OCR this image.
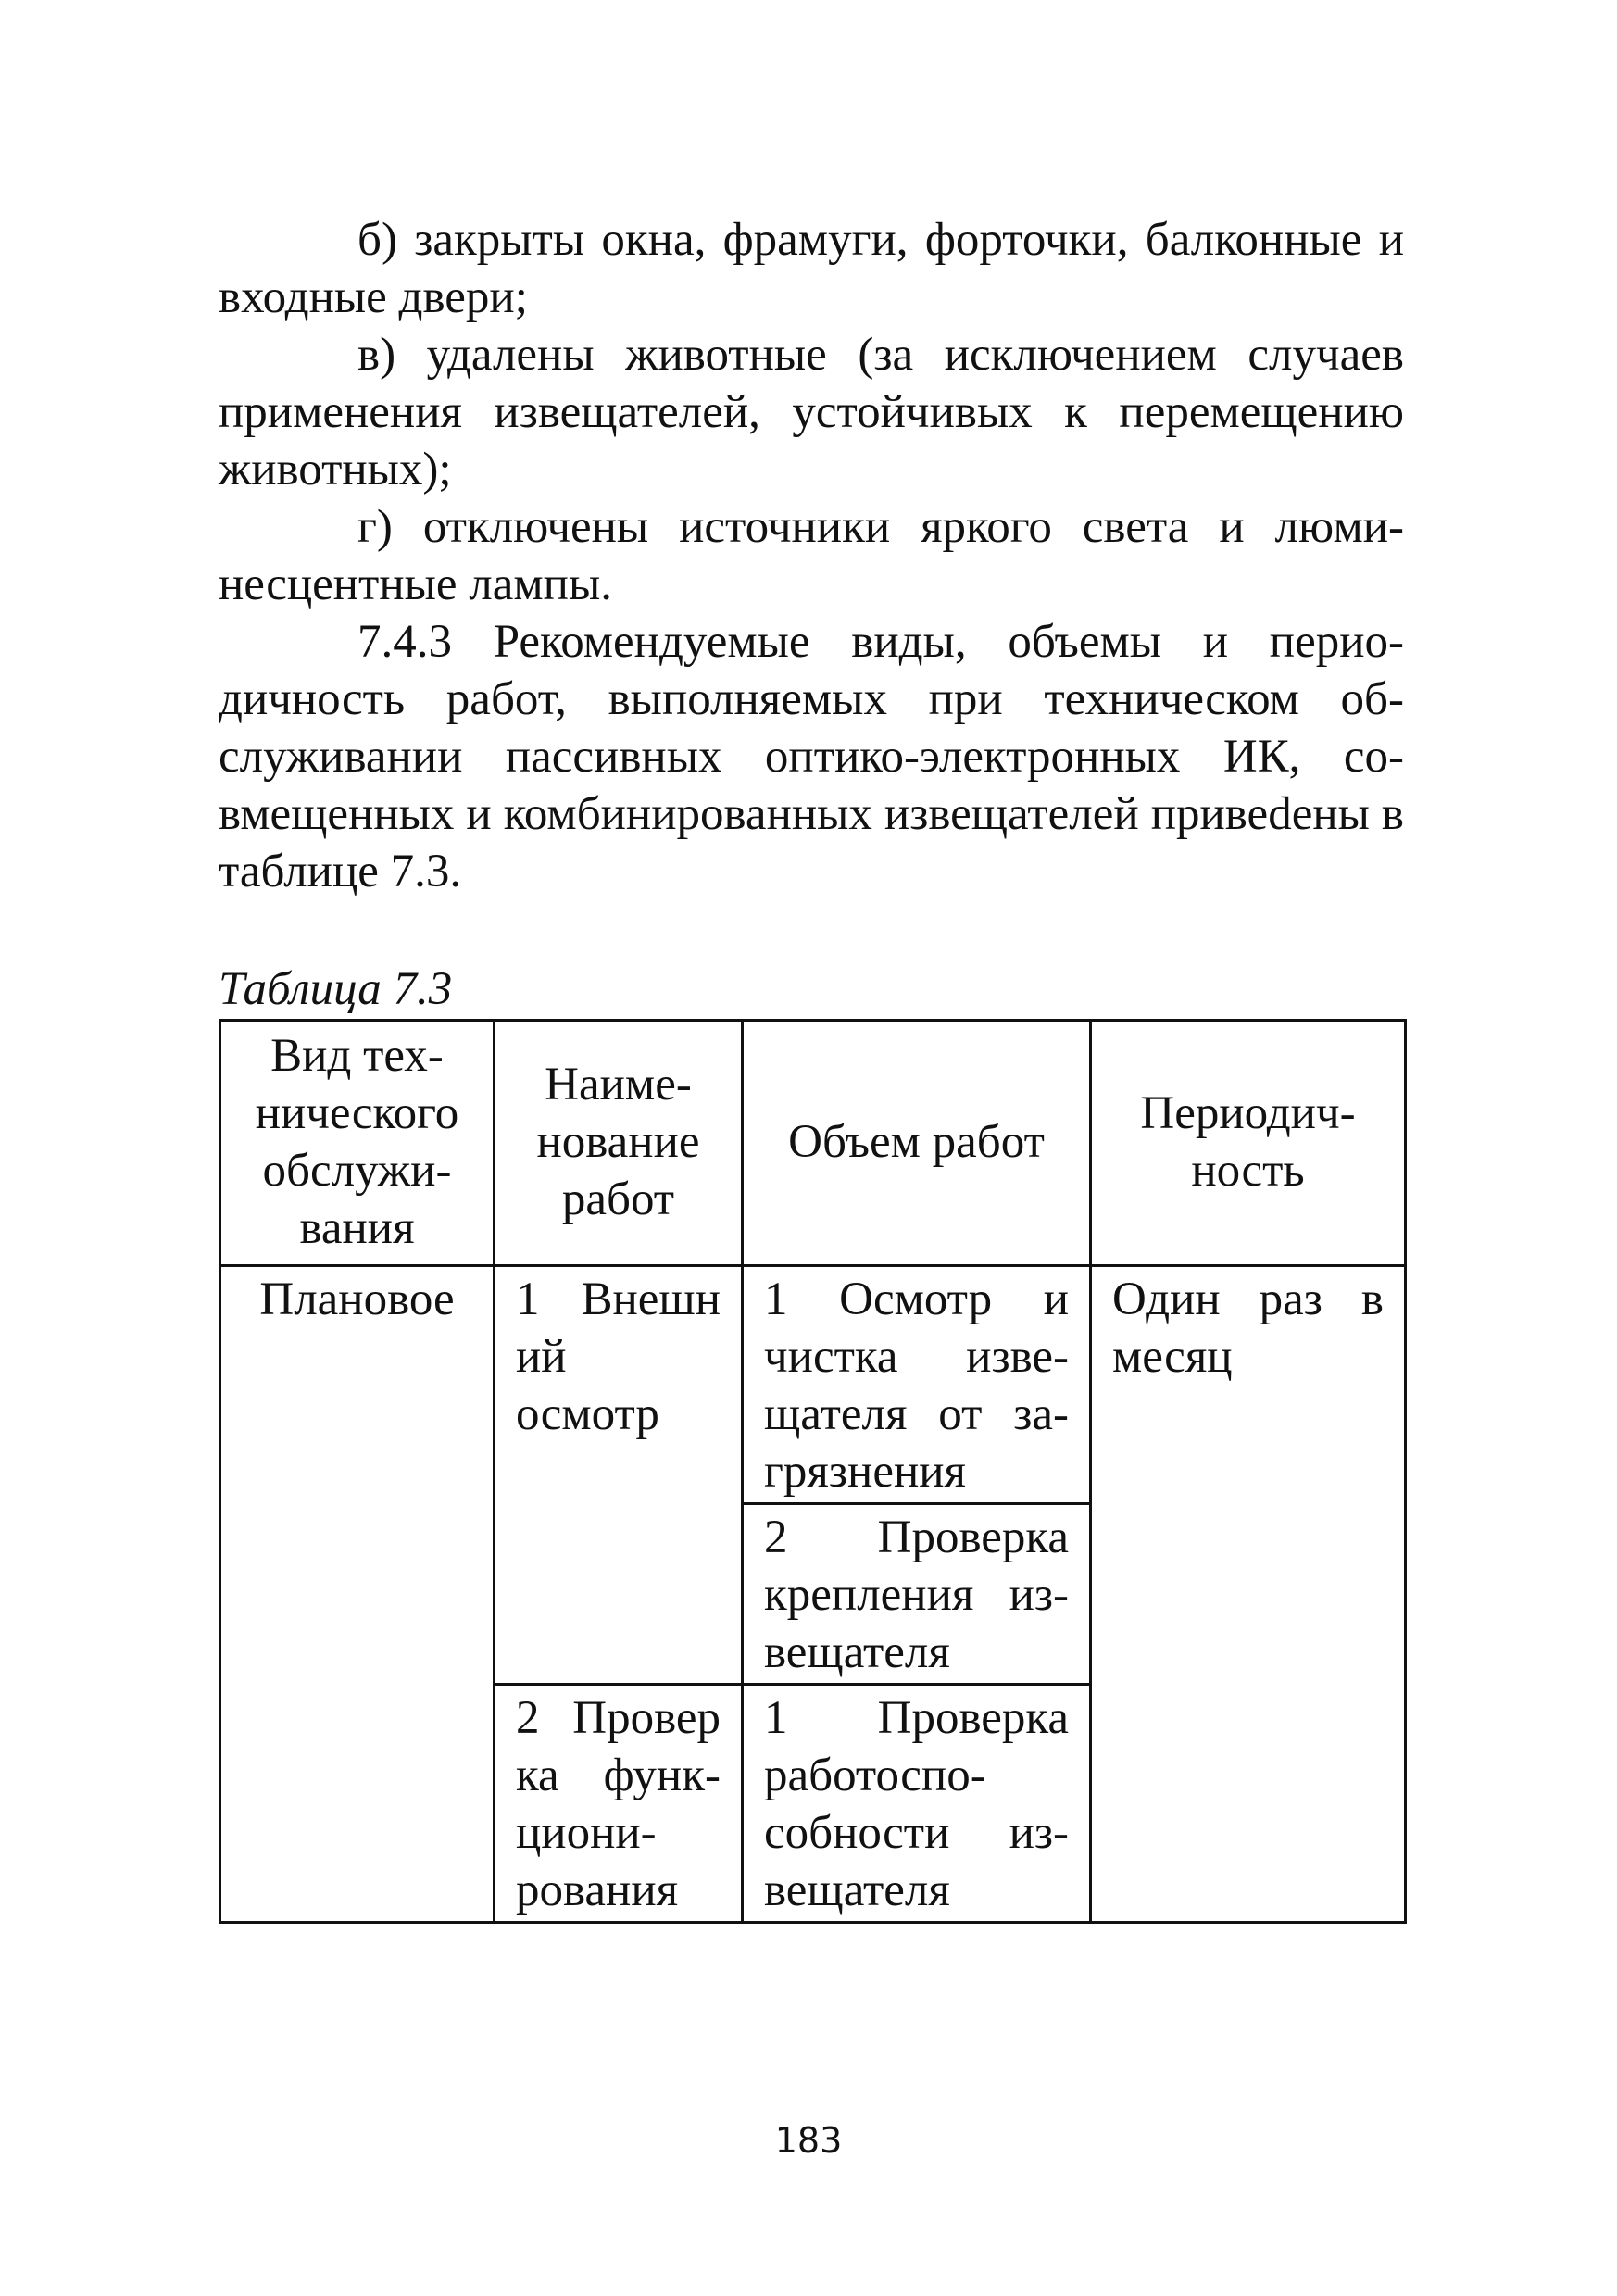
б) закрыты окна, фрамуги, форточки, балконные и входные двери;

в) удалены животные (за исключением случаев применения извещателей, устойчивых к перемещению животных);

г) отключены источники яркого света и люминесцентные лампы.

7.4.3 Рекомендуемые виды, объемы и периодичность работ, выполняемых при техническом обслуживании пассивных оптико-электронных ИК, совмещенных и комбинированных извещателей привеdены в таблице 7.3.

Таблица 7.3
Вид технического обслуживания	Наименование работ	Объем работ	Периодичность
Плановое	1 Внешн ий осмотр	1 Осмотр и чистка извещателя от загрязнения	Один раз в месяц
		2 Проверка крепления извещателя	
	2 Провер ка функционирования	1 Проверка работоспособности извещателя	
183
